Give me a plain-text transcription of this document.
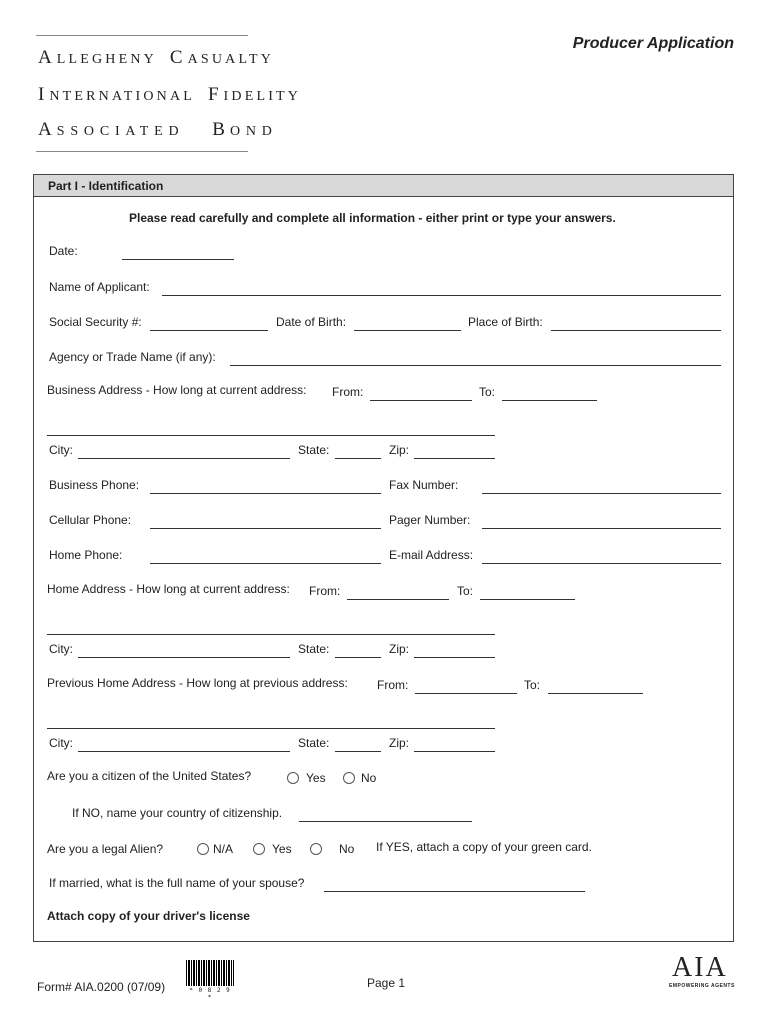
ALLEGHENY CASUALTY
INTERNATIONAL FIDELITY
ASSOCIATED BOND
Producer Application
Part I - Identification
Please read carefully and complete all information - either print or type your answers.
Date:
Name of Applicant:
Social Security #:	Date of Birth:	Place of Birth:
Agency or Trade Name (if any):
Business Address - How long at current address: From:	To:
City:	State:	Zip:
Business Phone:	Fax Number:
Cellular Phone:	Pager Number:
Home Phone:	E-mail Address:
Home Address - How long at current address: From:	To:
City:	State:	Zip:
Previous Home Address - How long at previous address: From:	To:
City:	State:	Zip:
Are you a citizen of the United States?	Yes	No
If NO, name your country of citizenship.
Are you a legal Alien?	N/A	Yes	No If YES, attach a copy of your green card.
If married, what is the full name of your spouse?
Attach copy of your driver's license
Form# AIA.0200 (07/09)	* 0 8 2 9 *
Page 1	AIA
EMPOWERING AGENTS
